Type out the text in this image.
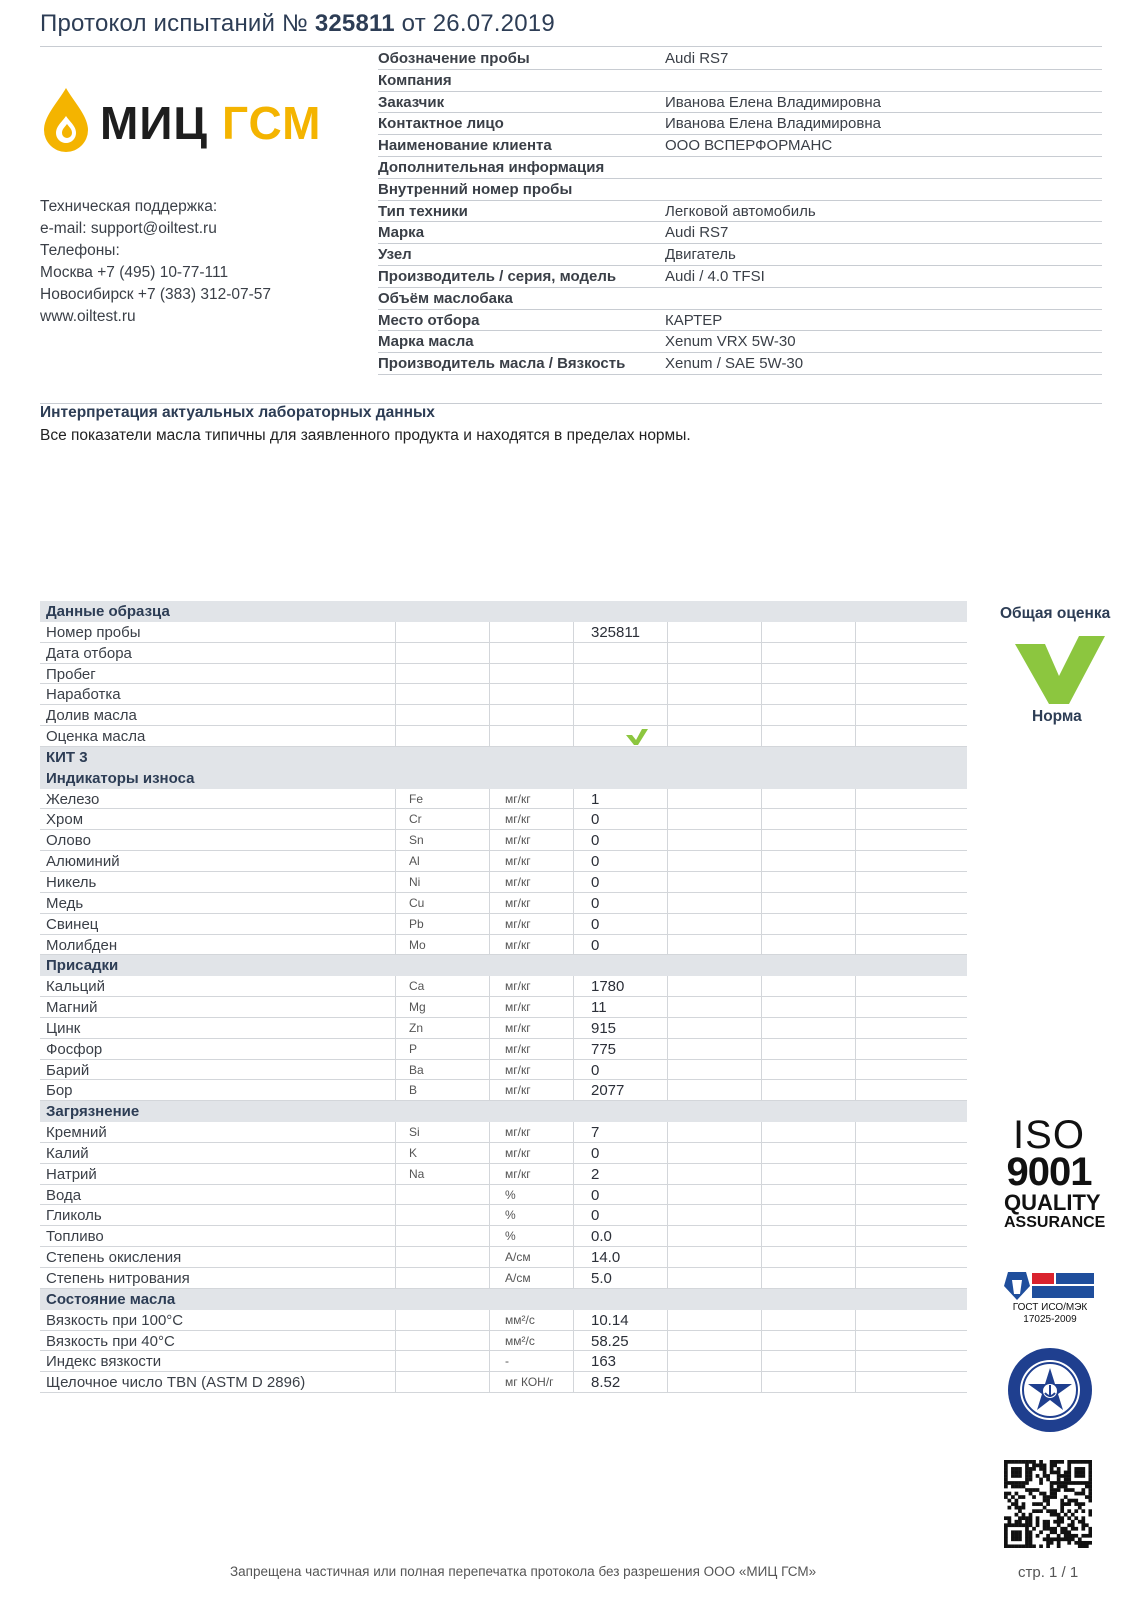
Протокол испытаний № 325811 от 26.07.2019
МИЦ ГСМ
Техническая поддержка:
e-mail: support@oiltest.ru
Телефоны:
Москва +7 (495) 10-77-111
Новосибирск +7 (383) 312-07-57
www.oiltest.ru
Обозначение пробы	Audi RS7
Компания
Заказчик	Иванова Елена Владимировна
Контактное лицо	Иванова Елена Владимировна
Наименование клиента	ООО ВСПЕРФОРМАНС
Дополнительная информация
Внутренний номер пробы
Тип техники	Легковой автомобиль
Марка	Audi RS7
Узел	Двигатель
Производитель / серия, модель	Audi / 4.0 TFSI
Объём маслобака
Место отбора	КАРТЕР
Марка масла	Xenum VRX 5W-30
Производитель масла / Вязкость	Xenum / SAE 5W-30
Интерпретация актуальных лабораторных данных
Все показатели масла типичны для заявленного продукта и находятся в пределах нормы.
Данные образца
Номер пробы	325811
Дата отбора
Пробег
Наработка
Долив масла
Оценка масла
КИТ 3
Индикаторы износа
Железо	Fe	мг/кг	1
Хром	Cr	мг/кг	0
Олово	Sn	мг/кг	0
Алюминий	Al	мг/кг	0
Никель	Ni	мг/кг	0
Медь	Cu	мг/кг	0
Свинец	Pb	мг/кг	0
Молибден	Mo	мг/кг	0
Присадки
Кальций	Ca	мг/кг	1780
Магний	Mg	мг/кг	11
Цинк	Zn	мг/кг	915
Фосфор	P	мг/кг	775
Барий	Ba	мг/кг	0
Бор	B	мг/кг	2077
Загрязнение
Кремний	Si	мг/кг	7
Калий	K	мг/кг	0
Натрий	Na	мг/кг	2
Вода	%	0
Гликоль	%	0
Топливо	%	0.0
Степень окисления	A/см	14.0
Степень нитрования	A/см	5.0
Состояние масла
Вязкость при 100°C	мм²/с	10.14
Вязкость при 40°C	мм²/с	58.25
Индекс вязкости	-	163
Щелочное число TBN (ASTM D 2896)	мг КОН/г 8.52
Общая оценка
Норма
ISO
9001
QUALITY
ASSURANCE
ГОСТ ИСО/МЭК
17025-2009
Запрещена частичная или полная перепечатка протокола без разрешения ООО «МИЦ ГСМ»	стр. 1 / 1
